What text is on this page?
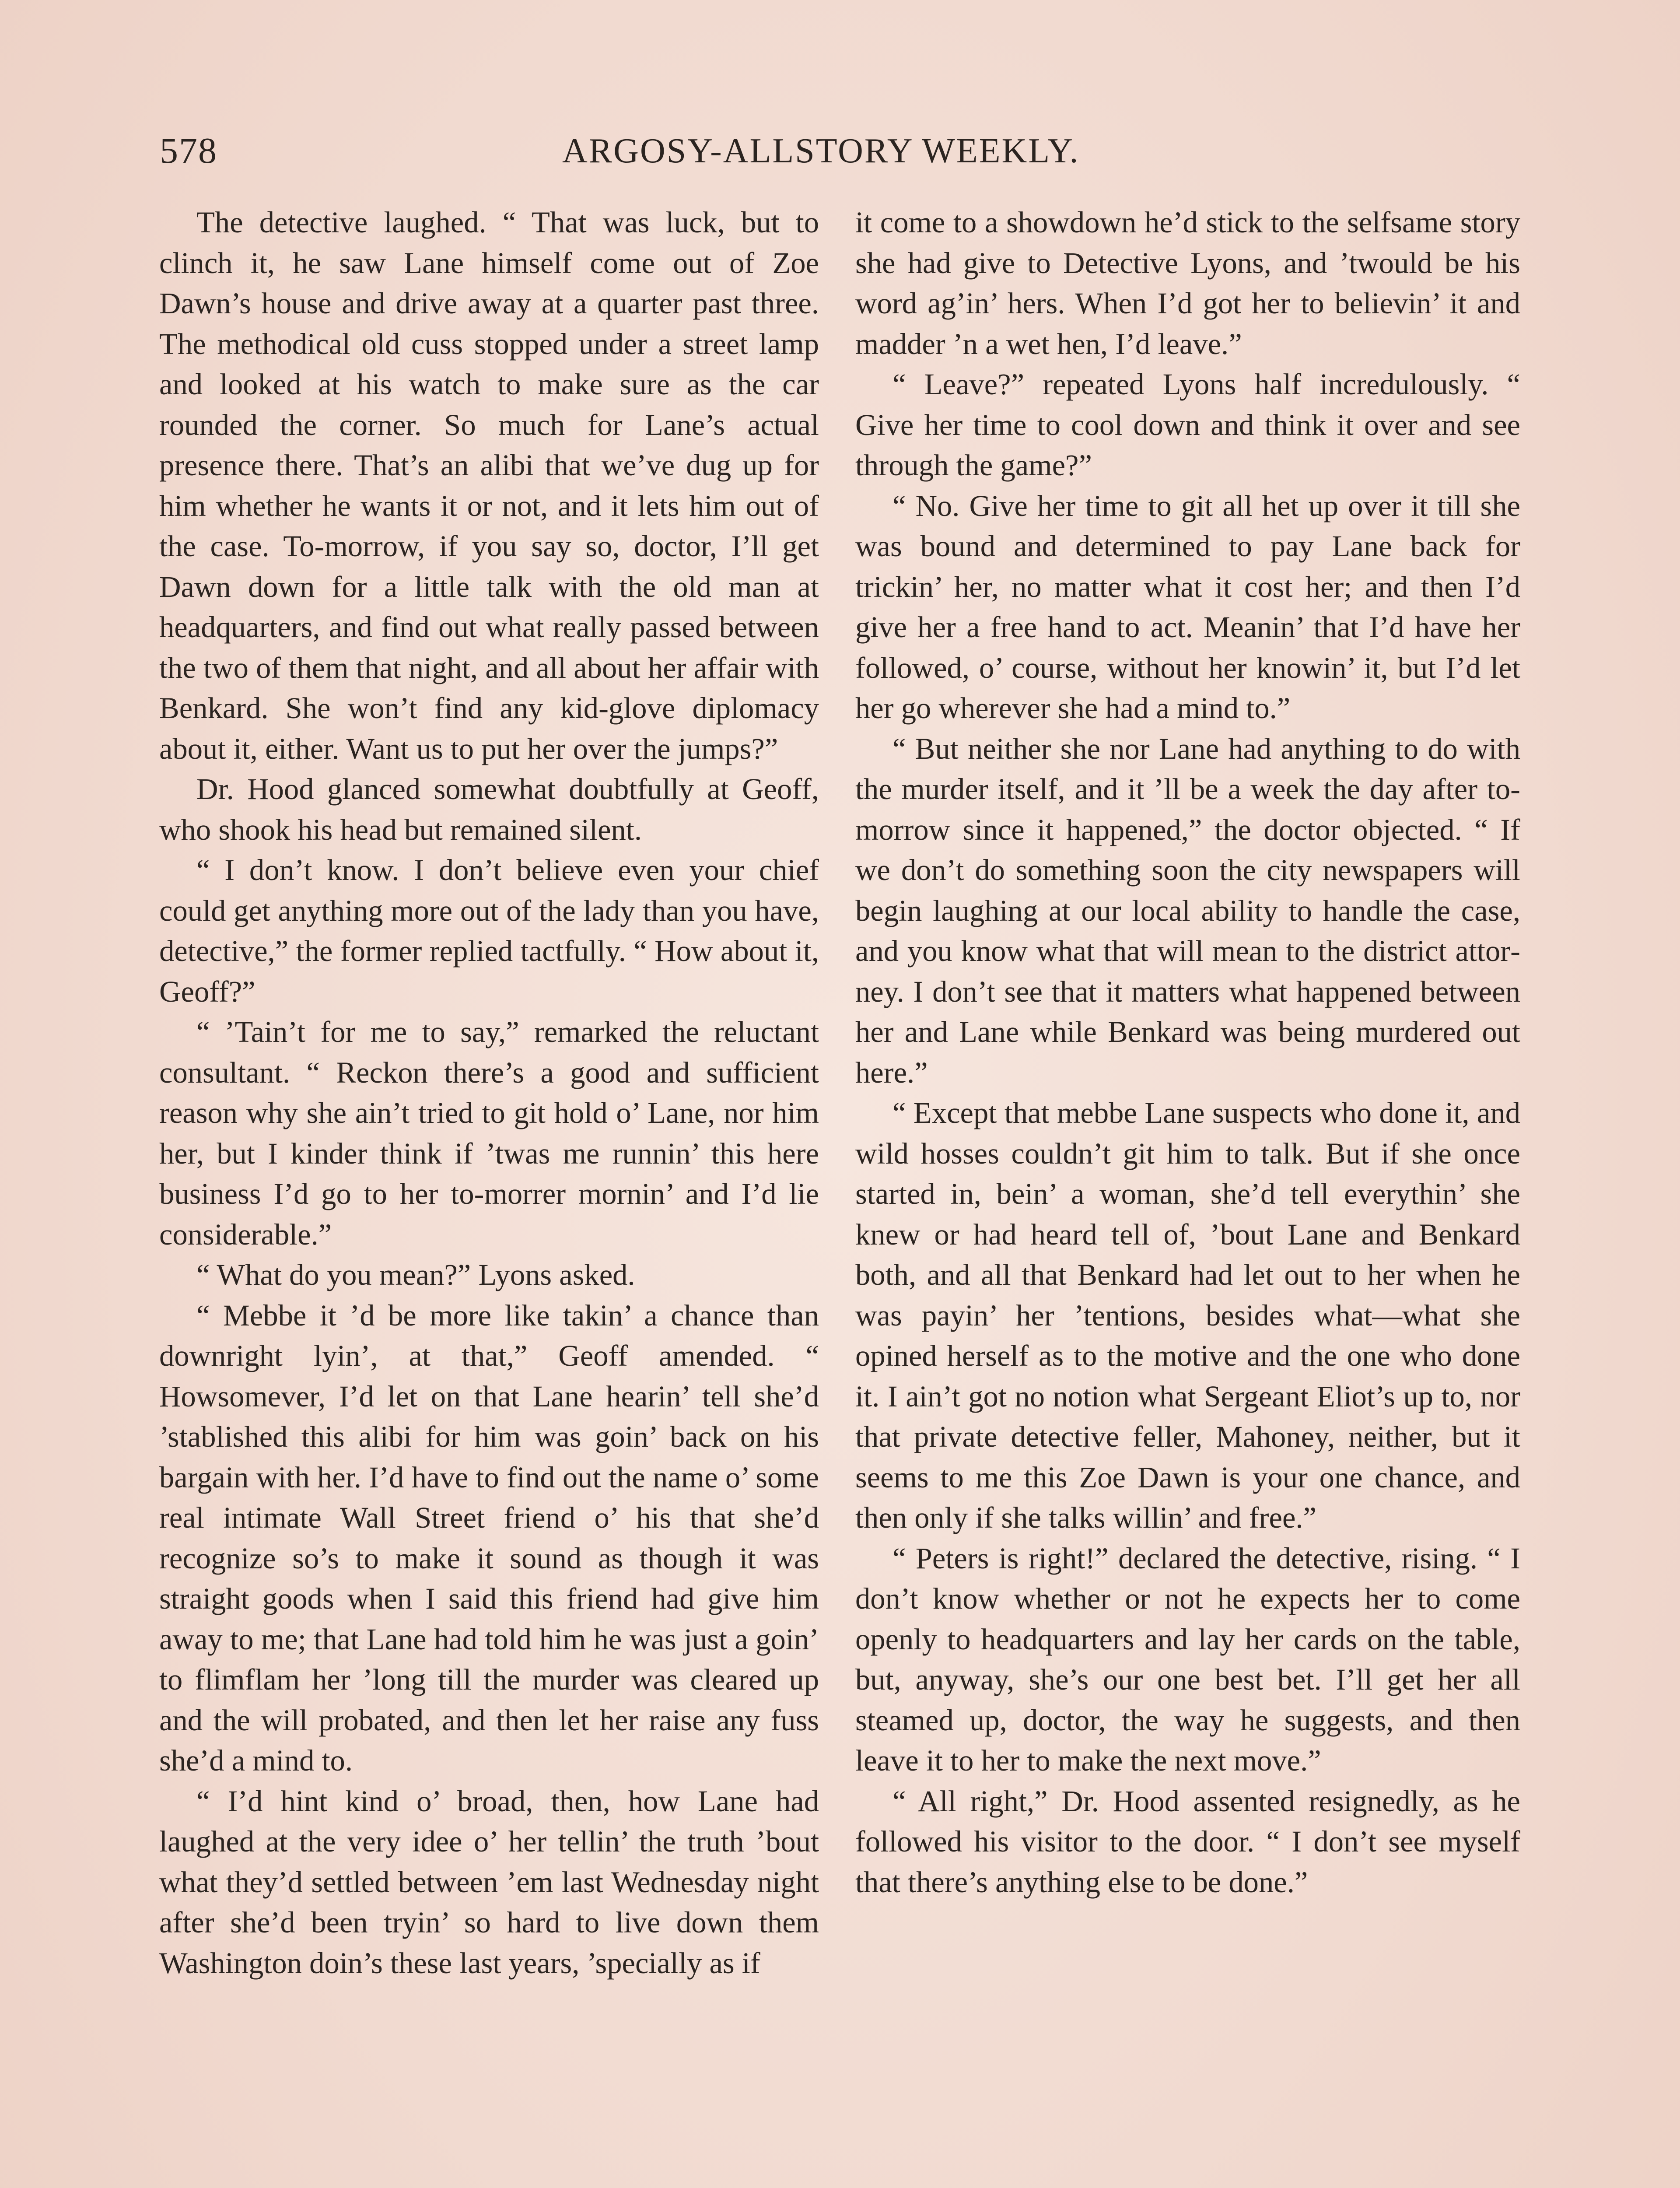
578	ARGOSY-ALLSTORY WEEKLY.

The detective laughed. “ That was luck, but to clinch it, he saw Lane himself come out of Zoe Dawn’s house and drive away at a quarter past three. The methodical old cuss stopped under a street lamp and looked at his watch to make sure as the car rounded the corner. So much for Lane’s actual presence there. That’s an alibi that we’ve dug up for him whether he wants it or not, and it lets him out of the case. To-morrow, if you say so, doctor, I’ll get Dawn down for a little talk with the old man at headquarters, and find out what really passed between the two of them that night, and all about her affair with Benkard. She won’t find any kid-glove diplomacy about it, either. Want us to put her over the jumps?”

Dr. Hood glanced somewhat doubtfully at Geoff, who shook his head but remained silent.

“ I don’t know. I don’t believe even your chief could get anything more out of the lady than you have, detective,” the former replied tactfully. “ How about it, Geoff?”

“ ’Tain’t for me to say,” remarked the reluctant consultant. “ Reckon there’s a good and sufficient reason why she ain’t tried to git hold o’ Lane, nor him her, but I kinder think if ’twas me runnin’ this here business I’d go to her to-morrer mornin’ and I’d lie considerable.”

“ What do you mean?” Lyons asked.

“ Mebbe it ’d be more like takin’ a chance than downright lyin’, at that,” Geoff amended. “ Howsomever, I’d let on that Lane hearin’ tell she’d ’stablished this alibi for him was goin’ back on his bargain with her. I’d have to find out the name o’ some real intimate Wall Street friend o’ his that she’d recognize so’s to make it sound as though it was straight goods when I said this friend had give him away to me; that Lane had told him he was just a goin’ to flimflam her ’long till the murder was cleared up and the will probated, and then let her raise any fuss she’d a mind to.

“ I’d hint kind o’ broad, then, how Lane had laughed at the very idee o’ her tellin’ the truth ’bout what they’d settled between ’em last Wednesday night after she’d been tryin’ so hard to live down them Washington doin’s these last years, ’specially as if

it come to a showdown he’d stick to the selfsame story she had give to Detective Lyons, and ’twould be his word ag’in’ hers. When I’d got her to believin’ it and madder ’n a wet hen, I’d leave.”

“ Leave?” repeated Lyons half incredulously. “ Give her time to cool down and think it over and see through the game?”

“ No. Give her time to git all het up over it till she was bound and determined to pay Lane back for trickin’ her, no matter what it cost her; and then I’d give her a free hand to act. Meanin’ that I’d have her followed, o’ course, without her knowin’ it, but I’d let her go wherever she had a mind to.”

“ But neither she nor Lane had anything to do with the murder itself, and it ’ll be a week the day after to-morrow since it happened,” the doctor objected. “ If we don’t do something soon the city newspapers will begin laughing at our local ability to handle the case, and you know what that will mean to the district attorney. I don’t see that it matters what happened between her and Lane while Benkard was being murdered out here.”

“ Except that mebbe Lane suspects who done it, and wild hosses couldn’t git him to talk. But if she once started in, bein’ a woman, she’d tell everythin’ she knew or had heard tell of, ’bout Lane and Benkard both, and all that Benkard had let out to her when he was payin’ her ’tentions, besides what—what she opined herself as to the motive and the one who done it. I ain’t got no notion what Sergeant Eliot’s up to, nor that private detective feller, Mahoney, neither, but it seems to me this Zoe Dawn is your one chance, and then only if she talks willin’ and free.”

“ Peters is right!” declared the detective, rising. “ I don’t know whether or not he expects her to come openly to headquarters and lay her cards on the table, but, anyway, she’s our one best bet. I’ll get her all steamed up, doctor, the way he suggests, and then leave it to her to make the next move.”

“ All right,” Dr. Hood assented resignedly, as he followed his visitor to the door. “ I don’t see myself that there’s anything else to be done.”
